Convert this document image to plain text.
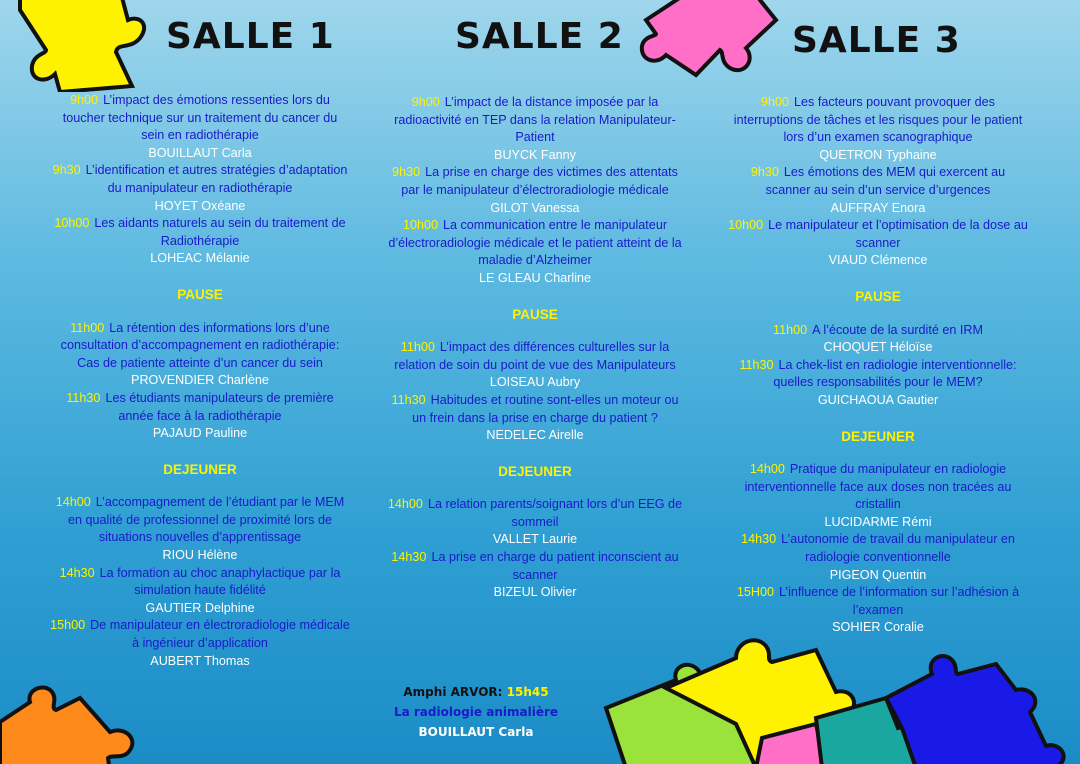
SALLE 1	SALLE 2	SALLE 3

9h00 L’impact des émotions ressenties lors du toucher technique sur un traitement du cancer du sein en radiothérapie

BOUILLAUT Carla

9h30 L’identification et autres stratégies d’adaptation du manipulateur en radiothérapie

HOYET Oxéane

10h00 Les aidants naturels au sein du traitement de Radiothérapie

LOHEAC Mélanie

PAUSE

11h00 La rétention des informations lors d’une consultation d’accompagnement en radiothérapie: Cas de patiente atteinte d’un cancer du sein

PROVENDIER Charlène

11h30 Les étudiants manipulateurs de première année face à la radiothérapie

PAJAUD Pauline

DEJEUNER

14h00 L’accompagnement de l’étudiant par le MEM en qualité de professionnel de proximité lors de situations nouvelles d’apprentissage

RIOU Hélène

14h30 La formation au choc anaphylactique par la simulation haute fidélité

GAUTIER Delphine

15h00 De manipulateur en électroradiologie médicale à ingénieur d’application

AUBERT Thomas

9h00 L’impact de la distance imposée par la radioactivité en TEP dans la relation Manipulateur-Patient

BUYCK Fanny

9h30 La prise en charge des victimes des attentats par le manipulateur d’électroradiologie médicale

GILOT Vanessa

10h00 La communication entre le manipulateur d’électroradiologie médicale et le patient atteint de la maladie d’Alzheimer

LE GLEAU Charline

PAUSE

11h00 L’impact des différences culturelles sur la relation de soin du point de vue des Manipulateurs

LOISEAU Aubry

11h30 Habitudes et routine sont-elles un moteur ou un frein dans la prise en charge du patient ?

NEDELEC Airelle

DEJEUNER

14h00 La relation parents/soignant lors d’un EEG de sommeil

VALLET Laurie

14h30 La prise en charge du patient inconscient au scanner

BIZEUL Olivier

Amphi ARVOR: 15h45
La radiologie animalière
BOUILLAUT Carla

9h00 Les facteurs pouvant provoquer des interruptions de tâches et les risques pour le patient lors d’un examen scanographique

QUETRON Typhaine

9h30 Les émotions des MEM qui exercent au scanner au sein d’un service d’urgences

AUFFRAY Enora

10h00 Le manipulateur et l’optimisation de la dose au scanner

VIAUD Clémence

PAUSE

11h00 A l’écoute de la surdité en IRM

CHOQUET Héloïse

11h30 La chek-list en radiologie interventionnelle: quelles responsabilités pour le MEM?

GUICHAOUA Gautier

DEJEUNER

14h00 Pratique du manipulateur en radiologie interventionnelle face aux doses non tracées au cristallin

LUCIDARME Rémi

14h30 L’autonomie de travail du manipulateur en radiologie conventionnelle

PIGEON Quentin

15H00 L’influence de l’information sur l’adhésion à l’examen

SOHIER Coralie
